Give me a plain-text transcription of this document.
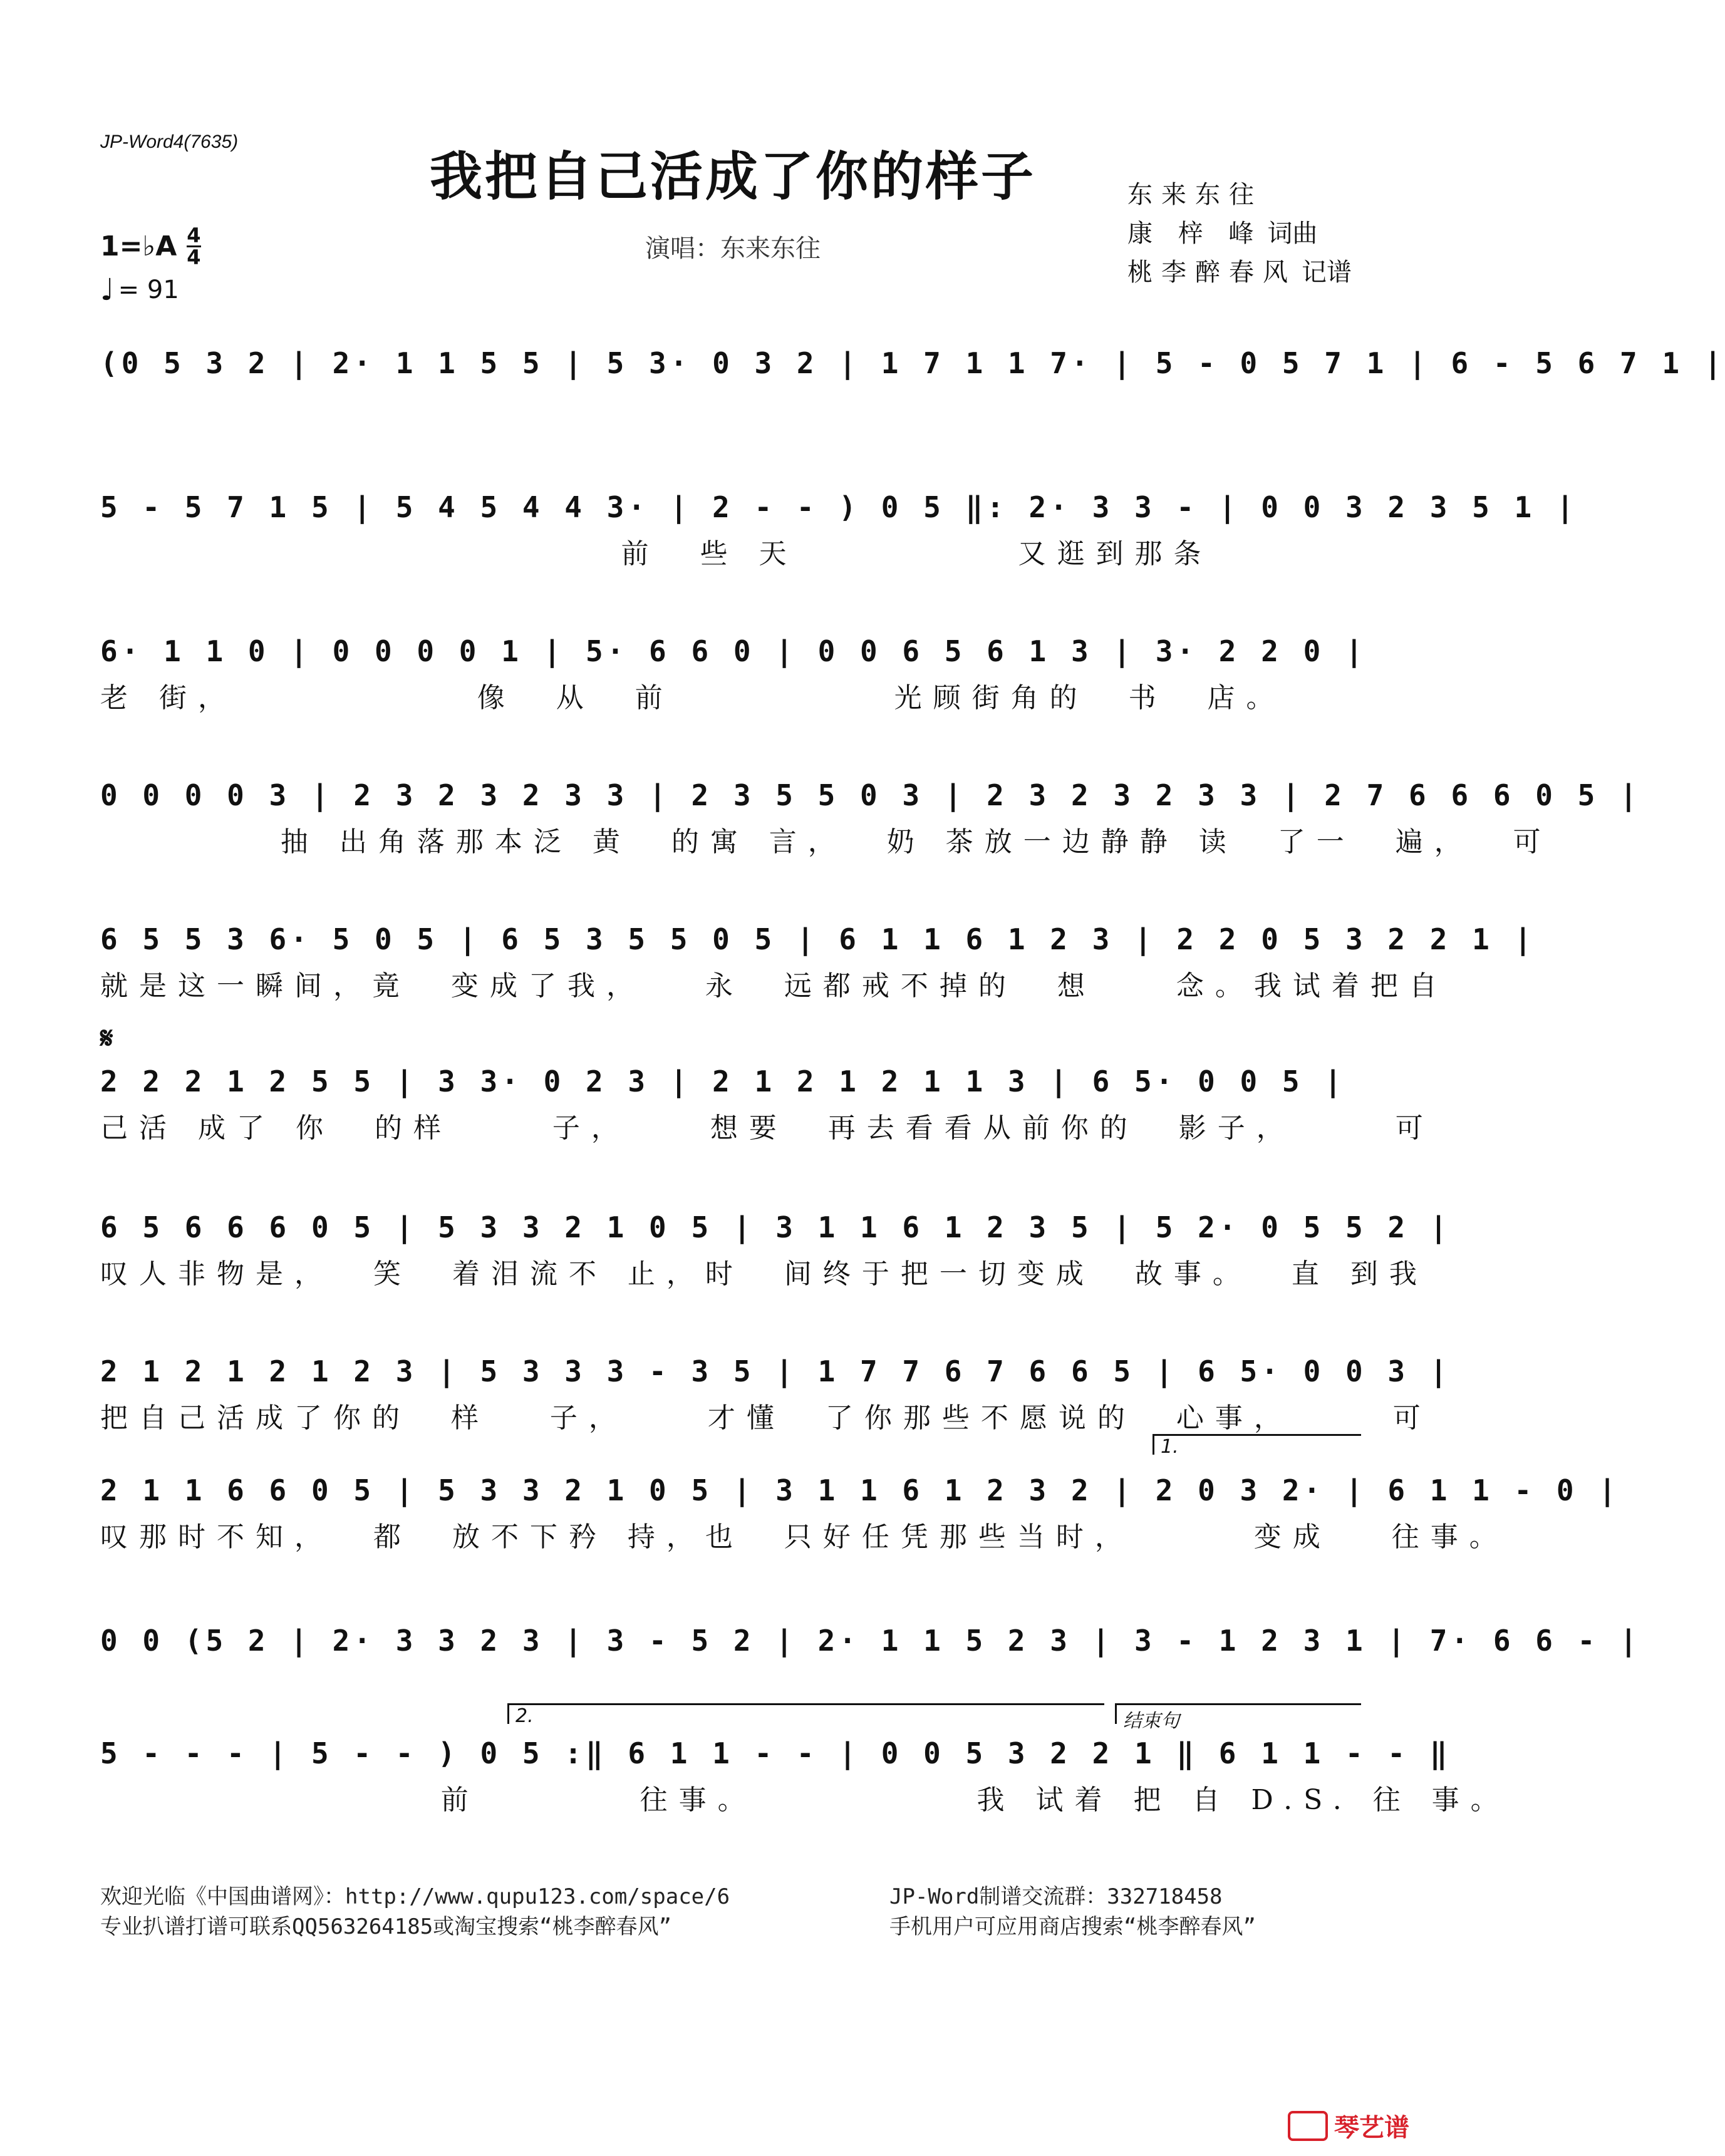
JP-Word4(7635)
我把自己活成了你的样子
演唱：东来东往
东来东往
康 梓 峰 词曲
桃李醉春风 记谱
1=♭A 4
4
♩ = 91
(0 5 3 2 | 2· 1 1 5 5 | 5 3· 0 3 2 | 1 7 1 1 7· | 5 - 0 5 7 1 | 6 - 5 6 7 1 |
5 - 5 7 1 5 | 5 4 5 4 4 3· | 2 - - ) 0 5 ‖: 2· 3 3 - | 0 0 3 2 3 5 1 |
前  些 天           又逛到那条
6· 1 1 0 | 0 0 0 0 1 | 5· 6 6 0 | 0 0 6 5 6 1 3 | 3· 2 2 0 |
老 街，            像  从  前           光顾街角的  书  店。
0 0 0 0 3 | 2 3 2 3 2 3 3 | 2 3 5 5 0 3 | 2 3 2 3 2 3 3 | 2 7 6 6 6 0 5 |
抽 出角落那本泛 黄  的寓 言，  奶 茶放一边静静 读  了一  遍，  可
6 5 5 3 6· 5 0 5 | 6 5 3 5 5 0 5 | 6 1 1 6 1 2 3 | 2 2 0 5 3 2 2 1 |
就是这一瞬间，竟  变成了我，   永  远都戒不掉的  想    念。我试着把自
𝄋
2 2 2 1 2 5 5 | 3 3· 0 2 3 | 2 1 2 1 2 1 1 3 | 6 5· 0 0 5 |
己活 成了 你  的样     子，    想要  再去看看从前你的  影子，     可
6 5 6 6 6 0 5 | 5 3 3 2 1 0 5 | 3 1 1 6 1 2 3 5 | 5 2· 0 5 5 2 |
叹人非物是，  笑  着泪流不 止，时  间终于把一切变成  故事。  直 到我
2 1 2 1 2 1 2 3 | 5 3 3 3 - 3 5 | 1 7 7 6 7 6 6 5 | 6 5· 0 0 3 |
把自己活成了你的  样   子，    才懂  了你那些不愿说的  心事，     可
1.
2 1 1 6 6 0 5 | 5 3 3 2 1 0 5 | 3 1 1 6 1 2 3 2 | 2 0 3 2· | 6 1 1 - 0 |
叹那时不知，  都  放不下矜 持，也  只好任凭那些当时，      变成   往事。
0 0 (5 2 | 2· 3 3 2 3 | 3 - 5 2 | 2· 1 1 5 2 3 | 3 - 1 2 3 1 | 7· 6 6 - |
2.	结束句
5 - - - | 5 - - ) 0 5 :‖ 6 1 1 - - | 0 0 5 3 2 2 1 ‖ 6 1 1 - - ‖
前        往事。           我 试着 把 自 D.S. 往 事。
欢迎光临《中国曲谱网》：http://www.qupu123.com/space/6
专业扒谱打谱可联系QQ563264185或淘宝搜索“桃李醉春风”
JP-Word制谱交流群：332718458
手机用户可应用商店搜索“桃李醉春风”
琴艺谱
